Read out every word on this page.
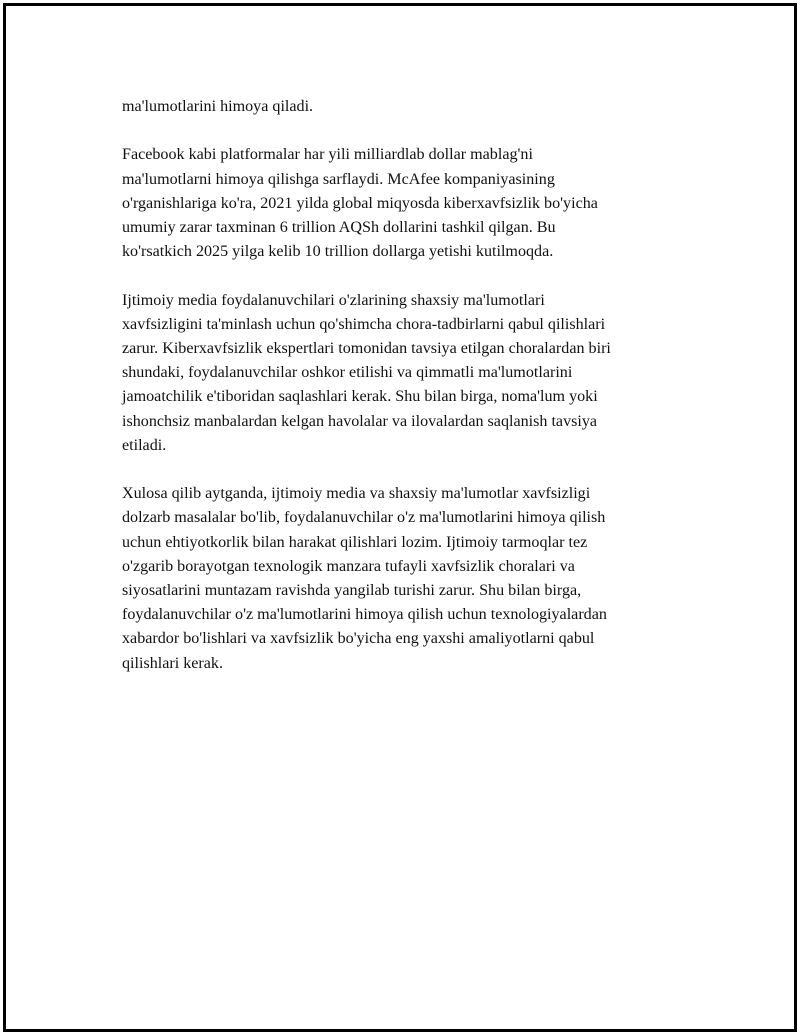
ma'lumotlarini himoya qiladi.

Facebook kabi platformalar har yili milliardlab dollar mablag'ni
ma'lumotlarni himoya qilishga sarflaydi. McAfee kompaniyasining
o'rganishlariga ko'ra, 2021 yilda global miqyosda kiberxavfsizlik bo'yicha
umumiy zarar taxminan 6 trillion AQSh dollarini tashkil qilgan. Bu
ko'rsatkich 2025 yilga kelib 10 trillion dollarga yetishi kutilmoqda.

Ijtimoiy media foydalanuvchilari o'zlarining shaxsiy ma'lumotlari
xavfsizligini ta'minlash uchun qo'shimcha chora-tadbirlarni qabul qilishlari
zarur. Kiberxavfsizlik ekspertlari tomonidan tavsiya etilgan choralardan biri
shundaki, foydalanuvchilar oshkor etilishi va qimmatli ma'lumotlarini
jamoatchilik e'tiboridan saqlashlari kerak. Shu bilan birga, noma'lum yoki
ishonchsiz manbalardan kelgan havolalar va ilovalardan saqlanish tavsiya
etiladi.

Xulosa qilib aytganda, ijtimoiy media va shaxsiy ma'lumotlar xavfsizligi
dolzarb masalalar bo'lib, foydalanuvchilar o'z ma'lumotlarini himoya qilish
uchun ehtiyotkorlik bilan harakat qilishlari lozim. Ijtimoiy tarmoqlar tez
o'zgarib borayotgan texnologik manzara tufayli xavfsizlik choralari va
siyosatlarini muntazam ravishda yangilab turishi zarur. Shu bilan birga,
foydalanuvchilar o'z ma'lumotlarini himoya qilish uchun texnologiyalardan
xabardor bo'lishlari va xavfsizlik bo'yicha eng yaxshi amaliyotlarni qabul
qilishlari kerak.
